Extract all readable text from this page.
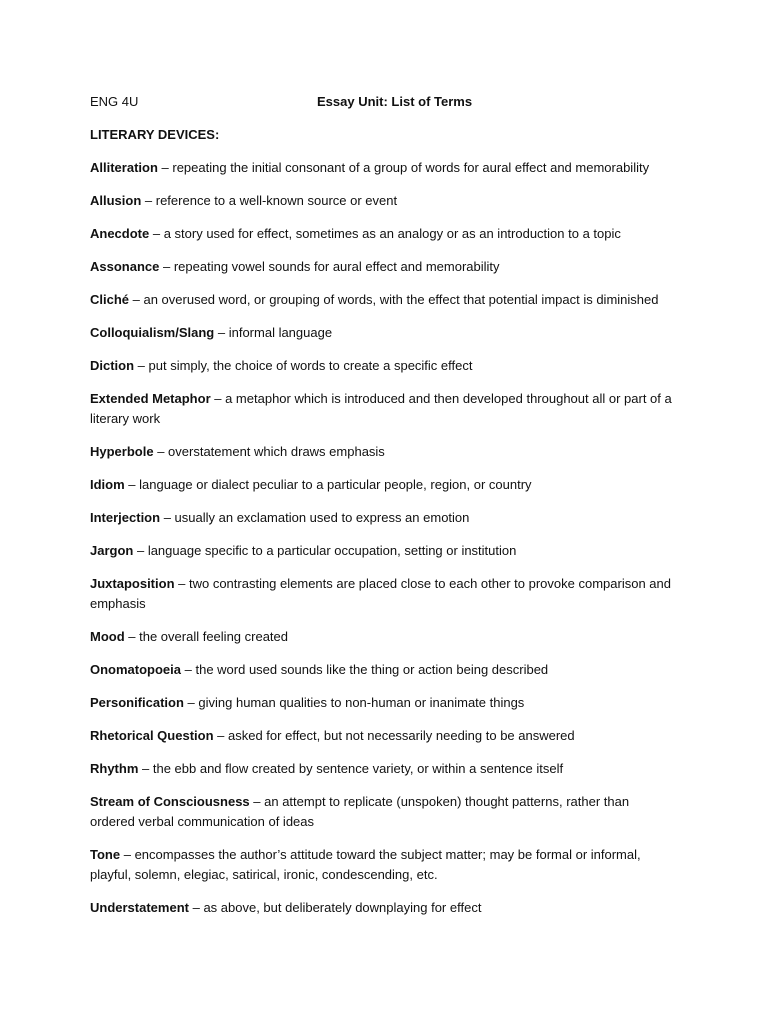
ENG 4U	Essay Unit: List of Terms
LITERARY DEVICES:
Alliteration – repeating the initial consonant of a group of words for aural effect and memorability
Allusion – reference to a well-known source or event
Anecdote – a story used for effect, sometimes as an analogy or as an introduction to a topic
Assonance – repeating vowel sounds for aural effect and memorability
Cliché – an overused word, or grouping of words, with the effect that potential impact is diminished
Colloquialism/Slang – informal language
Diction – put simply, the choice of words to create a specific effect
Extended Metaphor – a metaphor which is introduced and then developed throughout all or part of a literary work
Hyperbole – overstatement which draws emphasis
Idiom – language or dialect peculiar to a particular people, region, or country
Interjection – usually an exclamation used to express an emotion
Jargon – language specific to a particular occupation, setting or institution
Juxtaposition – two contrasting elements are placed close to each other to provoke comparison and emphasis
Mood – the overall feeling created
Onomatopoeia – the word used sounds like the thing or action being described
Personification – giving human qualities to non-human or inanimate things
Rhetorical Question – asked for effect, but not necessarily needing to be answered
Rhythm – the ebb and flow created by sentence variety, or within a sentence itself
Stream of Consciousness – an attempt to replicate (unspoken) thought patterns, rather than ordered verbal communication of ideas
Tone – encompasses the author’s attitude toward the subject matter; may be formal or informal, playful, solemn, elegiac, satirical, ironic, condescending, etc.
Understatement – as above, but deliberately downplaying for effect
